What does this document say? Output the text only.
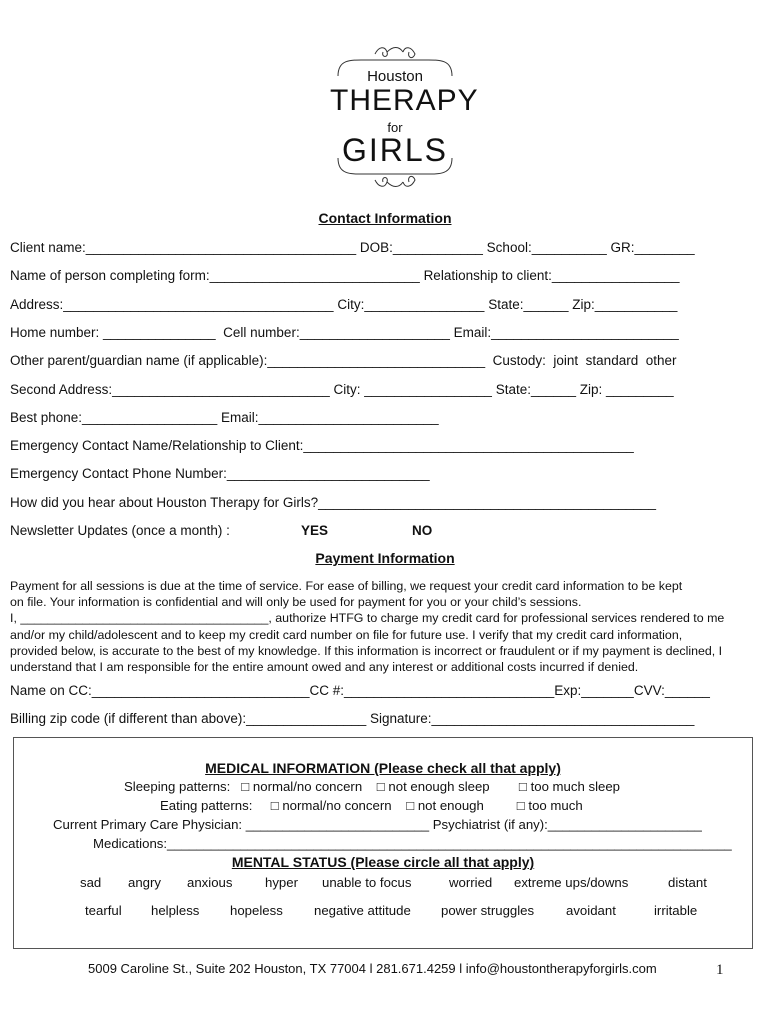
Houston
THERAPY
for
GIRLS
Contact Information
Client name:____________________________________ DOB:____________ School:__________ GR:________
Name of person completing form:____________________________ Relationship to client:_________________
Address:____________________________________ City:________________ State:______ Zip:___________
Home number: _______________  Cell number:____________________ Email:_________________________
Other parent/guardian name (if applicable):_____________________________  Custody:  joint  standard  other
Second Address:_____________________________ City: _________________ State:______ Zip: _________
Best phone:__________________ Email:________________________
Emergency Contact Name/Relationship to Client:____________________________________________
Emergency Contact Phone Number:___________________________
How did you hear about Houston Therapy for Girls?_____________________________________________
Newsletter Updates (once a month) :	YES	NO
Payment Information

Payment for all sessions is due at the time of service. For ease of billing, we request your credit card information to be kept

on file. Your information is confidential and will only be used for payment for you or your child’s sessions.

I, ____________________________________, authorize HTFG to charge my credit card for professional services rendered to me

and/or my child/adolescent and to keep my credit card number on file for future use. I verify that my credit card information,

provided below, is accurate to the best of my knowledge. If this information is incorrect or fraudulent or if my payment is declined, I

understand that I am responsible for the entire amount owed and any interest or additional costs incurred if denied.

Name on CC:_____________________________CC #:____________________________Exp:_______CVV:______
Billing zip code (if different than above):________________ Signature:___________________________________
MEDICAL INFORMATION (Please check all that apply)
Sleeping patterns:   □ normal/no concern    □ not enough sleep        □ too much sleep
Eating patterns:     □ normal/no concern    □ not enough         □ too much
Current Primary Care Physician: _________________________ Psychiatrist (if any):_____________________
Medications:_____________________________________________________________________________
MENTAL STATUS (Please circle all that apply)
sad angry anxious hyper unable to focus	worried extreme ups/downs	distant
tearful helpless hopeless negative attitude power struggles avoidant	irritable
5009 Caroline St., Suite 202 Houston, TX 77004 l 281.671.4259 l info@houstontherapyforgirls.com	1
